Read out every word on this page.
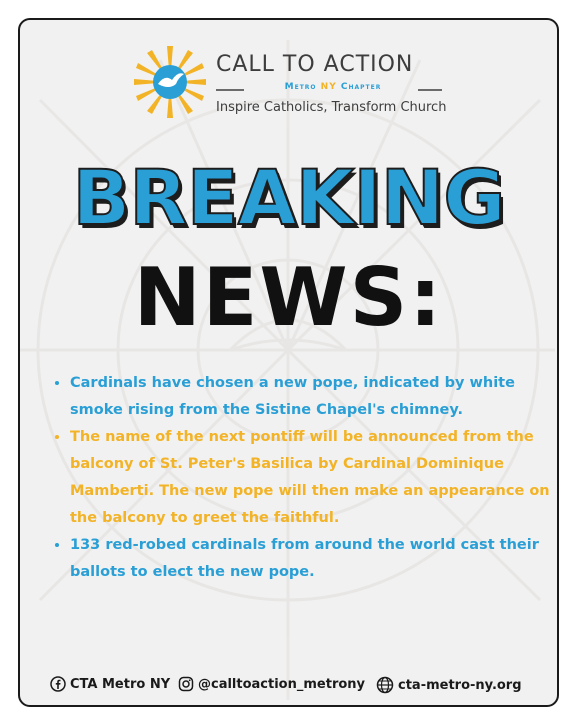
CALL TO ACTION
Metro NY Chapter
Inspire Catholics, Transform Church
BREAKING
NEWS:
• Cardinals have chosen a new pope, indicated by white smoke rising from the Sistine Chapel's chimney.
• The name of the next pontiff will be announced from the balcony of St. Peter's Basilica by Cardinal Dominique Mamberti. The new pope will then make an appearance on the balcony to greet the faithful.
• 133 red-robed cardinals from around the world cast their ballots to elect the new pope.
CTA Metro NY @calltoaction_metrony	cta-metro-ny.org
